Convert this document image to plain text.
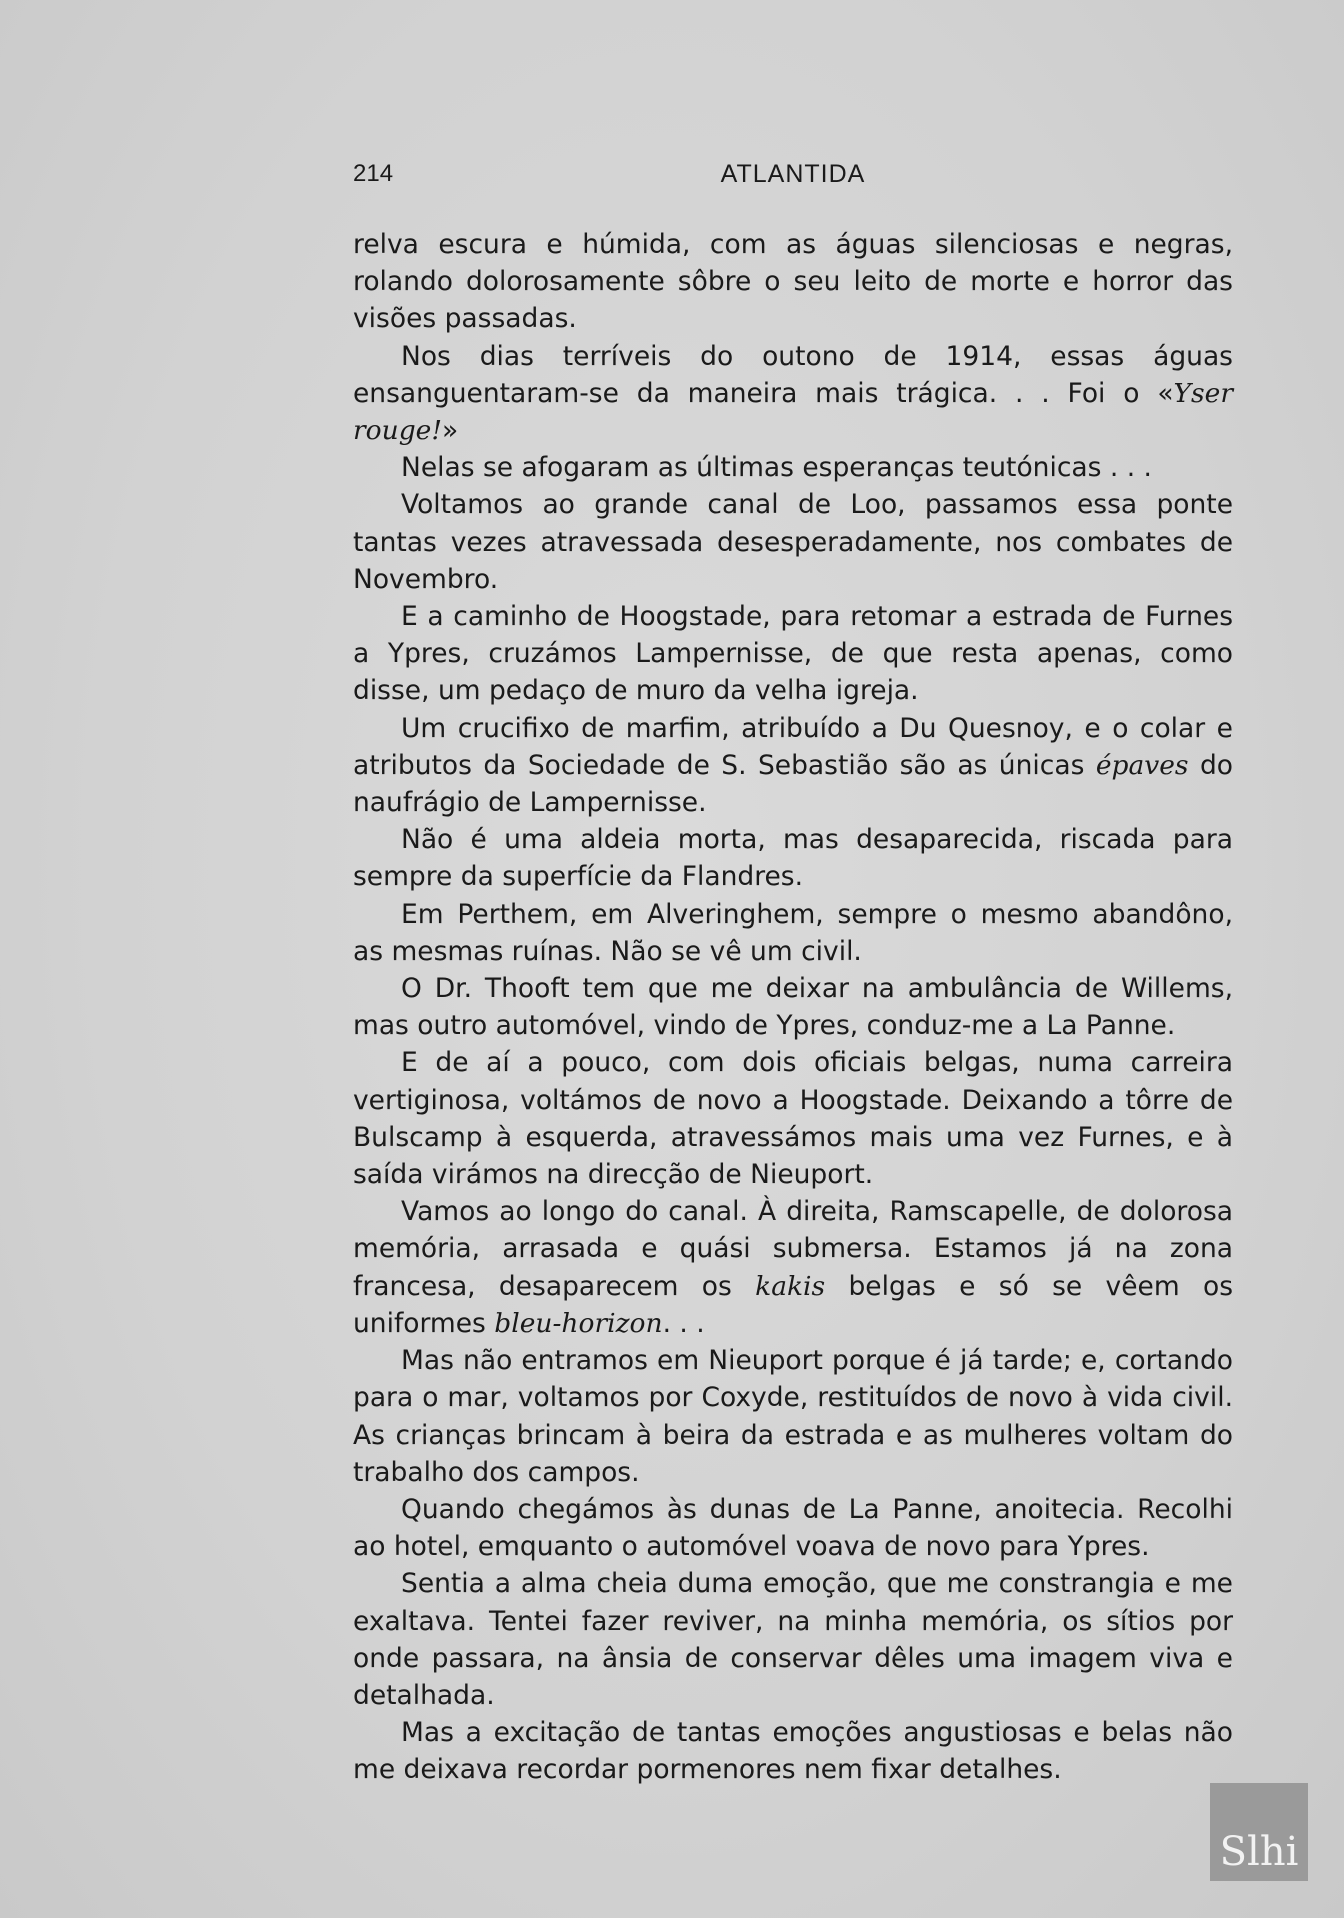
214	ATLANTIDA

relva escura e húmida, com as águas silenciosas e negras, rolando dolorosamente sôbre o seu leito de morte e horror das visões passadas.

Nos dias terríveis do outono de 1914, essas águas ensanguentaram-se da maneira mais trágica. . . Foi o «Yser rouge!»

Nelas se afogaram as últimas esperanças teutónicas . . .

Voltamos ao grande canal de Loo, passamos essa ponte tantas vezes atravessada desesperadamente, nos combates de Novembro.

E a caminho de Hoogstade, para retomar a estrada de Furnes a Ypres, cruzámos Lampernisse, de que resta apenas, como disse, um pedaço de muro da velha igreja.

Um crucifixo de marfim, atribuído a Du Quesnoy, e o colar e atributos da Sociedade de S. Sebastião são as únicas épaves do naufrágio de Lampernisse.

Não é uma aldeia morta, mas desaparecida, riscada para sempre da superfície da Flandres.

Em Perthem, em Alveringhem, sempre o mesmo abandôno, as mesmas ruínas. Não se vê um civil.

O Dr. Thooft tem que me deixar na ambulância de Willems, mas outro automóvel, vindo de Ypres, conduz-me a La Panne.

E de aí a pouco, com dois oficiais belgas, numa carreira vertiginosa, voltámos de novo a Hoogstade. Deixando a tôrre de Bulscamp à esquerda, atravessámos mais uma vez Furnes, e à saída virámos na direcção de Nieuport.

Vamos ao longo do canal. À direita, Ramscapelle, de dolorosa memória, arrasada e quási submersa. Estamos já na zona francesa, desaparecem os kakis belgas e só se vêem os uniformes bleu-horizon. . .

Mas não entramos em Nieuport porque é já tarde; e, cortando para o mar, voltamos por Coxyde, restituídos de novo à vida civil. As crianças brincam à beira da estrada e as mulheres voltam do trabalho dos campos.

Quando chegámos às dunas de La Panne, anoitecia. Recolhi ao hotel, emquanto o automóvel voava de novo para Ypres.

Sentia a alma cheia duma emoção, que me constrangia e me exaltava. Tentei fazer reviver, na minha memória, os sítios por onde passara, na ânsia de conservar dêles uma imagem viva e detalhada.

Mas a excitação de tantas emoções angustiosas e belas não me deixava recordar pormenores nem fixar detalhes.

Slhi
